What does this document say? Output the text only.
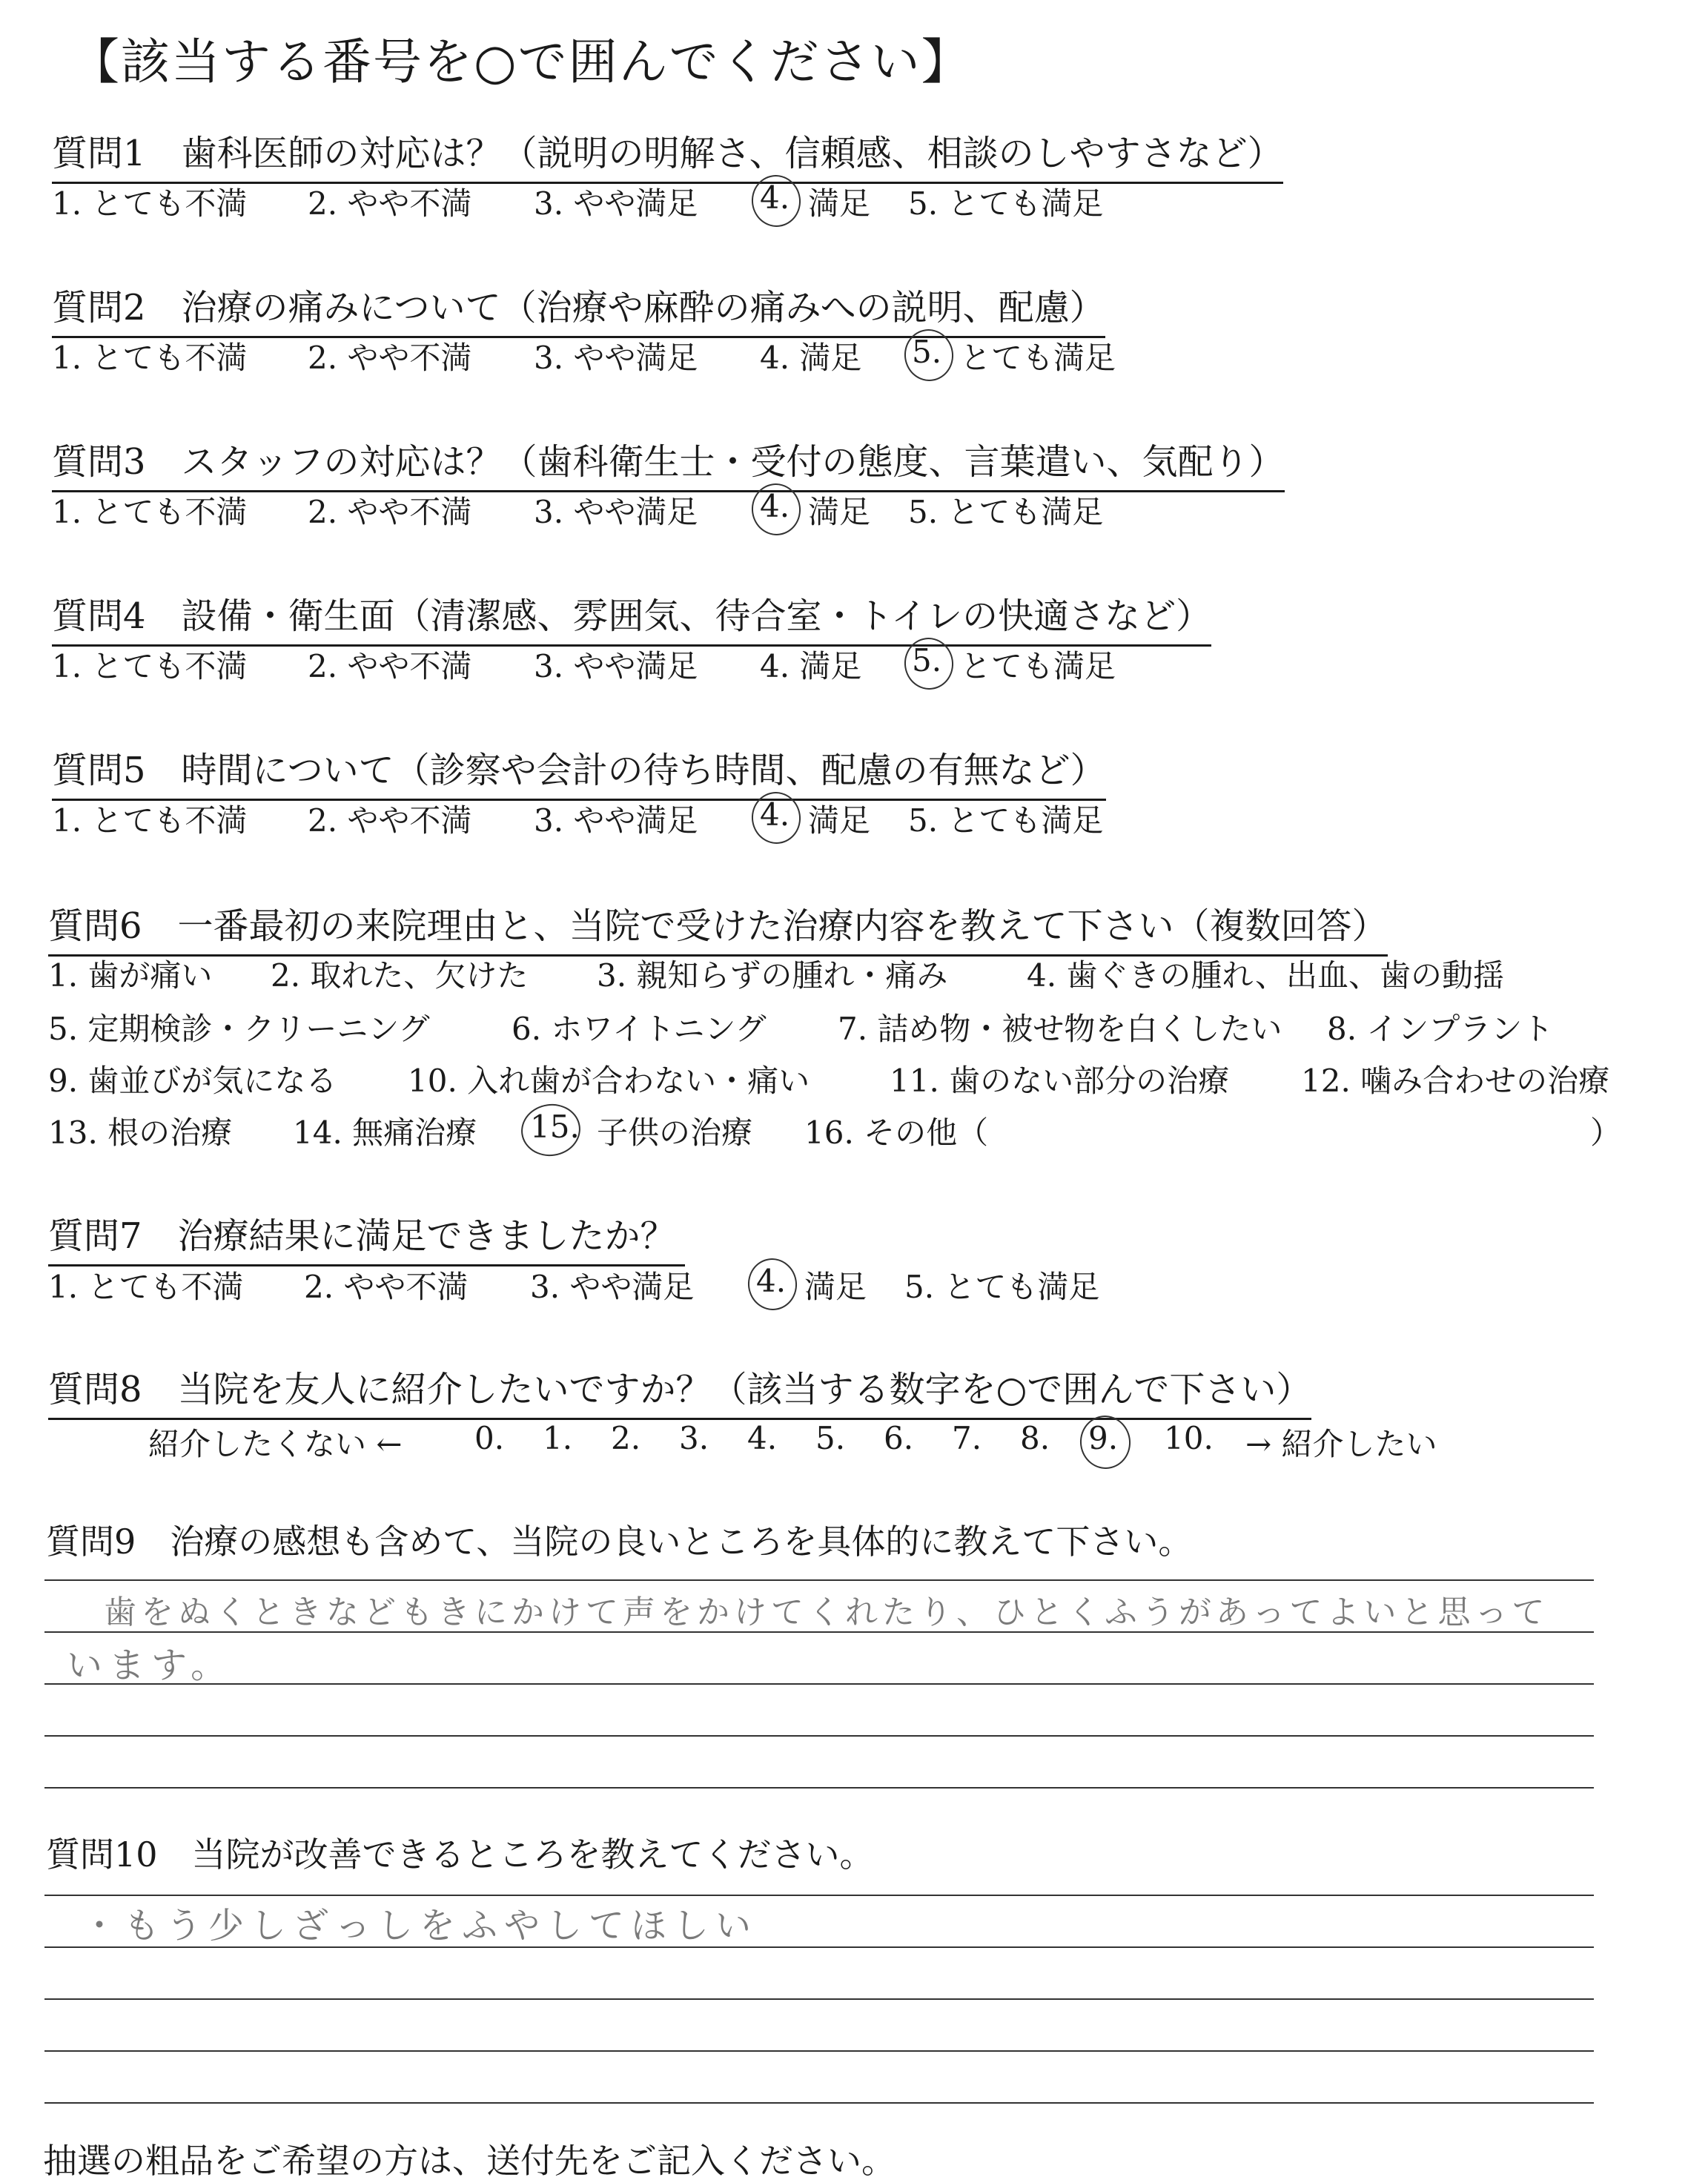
【該当する番号を○で囲んでください】
質問1　歯科医師の対応は？（説明の明解さ、信頼感、相談のしやすさなど）
1. とても不満 2. やや不満 3. やや満足 4. 満足 5. とても満足
質問2　治療の痛みについて（治療や麻酔の痛みへの説明、配慮）
1. とても不満 2. やや不満 3. やや満足 4. 満足 5. とても満足
質問3　スタッフの対応は？（歯科衛生士・受付の態度、言葉遣い、気配り）
1. とても不満 2. やや不満 3. やや満足 4. 満足 5. とても満足
質問4　設備・衛生面（清潔感、雰囲気、待合室・トイレの快適さなど）
1. とても不満 2. やや不満 3. やや満足 4. 満足 5. とても満足
質問5　時間について（診察や会計の待ち時間、配慮の有無など）
1. とても不満 2. やや不満 3. やや満足 4. 満足 5. とても満足
質問6　一番最初の来院理由と、当院で受けた治療内容を教えて下さい（複数回答）
1. 歯が痛い 2. 取れた、欠けた 3. 親知らずの腫れ・痛み	4. 歯ぐきの腫れ、出血、歯の動揺
5. 定期検診・クリーニング	6. ホワイトニング 7. 詰め物・被せ物を白くしたい 8. インプラント
9. 歯並びが気になる 10. 入れ歯が合わない・痛い	11. 歯のない部分の治療 12. 噛み合わせの治療
13. 根の治療 14. 無痛治療 15. 子供の治療 16. その他（	）
質問7　治療結果に満足できましたか？
1. とても不満 2. やや不満 3. やや満足 4. 満足 5. とても満足
質問8　当院を友人に紹介したいですか？（該当する数字を○で囲んで下さい）
紹介したくない ← 0. 1. 2. 3. 4. 5. 6. 7. 8. 9. 10. → 紹介したい
質問9　治療の感想も含めて、当院の良いところを具体的に教えて下さい。
歯をぬくときなどもきにかけて声をかけてくれたり、ひとくふうがあってよいと思って
います。
質問10　当院が改善できるところを教えてください。
・もう少しざっしをふやしてほしい
抽選の粗品をご希望の方は、送付先をご記入ください。
